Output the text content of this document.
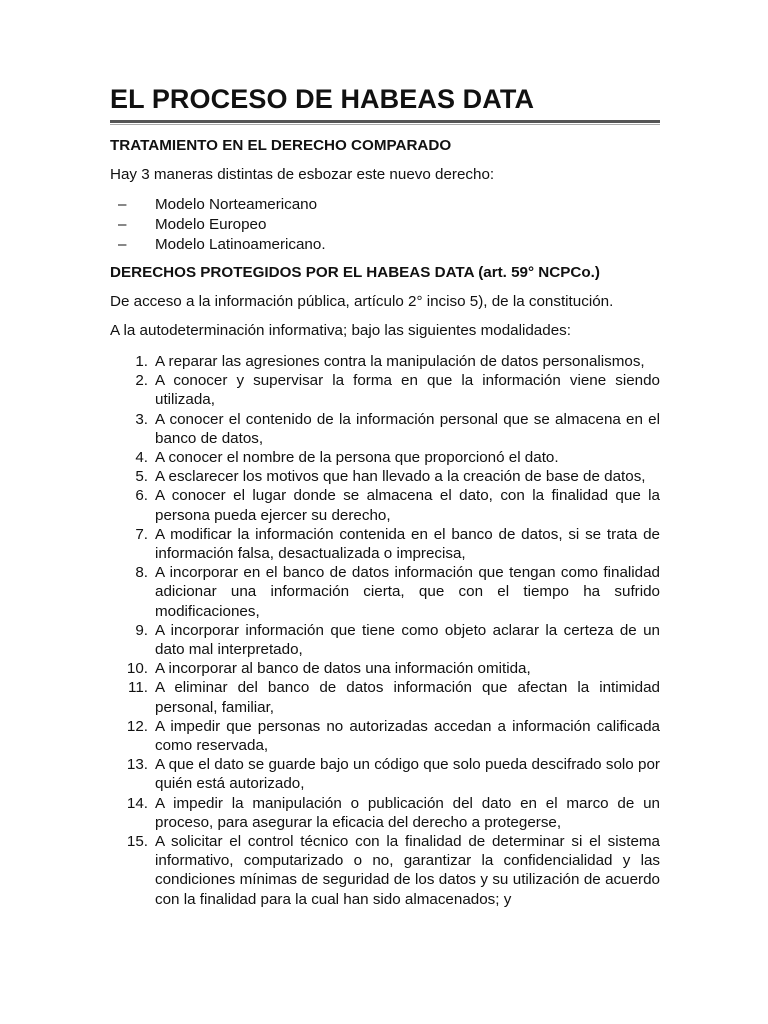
EL PROCESO DE HABEAS DATA
TRATAMIENTO EN EL DERECHO COMPARADO

Hay 3 maneras distintas de esbozar este nuevo derecho:

– Modelo Norteamericano
– Modelo Europeo
– Modelo Latinoamericano.
DERECHOS PROTEGIDOS POR EL HABEAS DATA (art. 59° NCPCo.)

De acceso a la información pública, artículo 2° inciso 5), de la constitución.

A la autodeterminación informativa; bajo las siguientes modalidades:

1. A reparar las agresiones contra la manipulación de datos personalismos,
2. A conocer y supervisar la forma en que la información viene siendo utilizada,
3. A conocer el contenido de la información personal que se almacena en el banco de datos,
4. A conocer el nombre de la persona que proporcionó el dato.
5. A esclarecer los motivos que han llevado a la creación de base de datos,
6. A conocer el lugar donde se almacena el dato, con la finalidad que la persona pueda ejercer su derecho,
7. A modificar la información contenida en el banco de datos, si se trata de información falsa, desactualizada o imprecisa,
8. A incorporar en el banco de datos información que tengan como finalidad adicionar una información cierta, que con el tiempo ha sufrido modificaciones,
9. A incorporar información que tiene como objeto aclarar la certeza de un dato mal interpretado,
10. A incorporar al banco de datos una información omitida,
11. A eliminar del banco de datos información que afectan la intimidad personal, familiar,
12. A impedir que personas no autorizadas accedan a información calificada como reservada,
13. A que el dato se guarde bajo un código que solo pueda descifrado solo por quién está autorizado,
14. A impedir la manipulación o publicación del dato en el marco de un proceso, para asegurar la eficacia del derecho a protegerse,
15. A solicitar el control técnico con la finalidad de determinar si el sistema informativo, computarizado o no, garantizar la confidencialidad y las condiciones mínimas de seguridad de los datos y su utilización de acuerdo con la finalidad para la cual han sido almacenados; y
